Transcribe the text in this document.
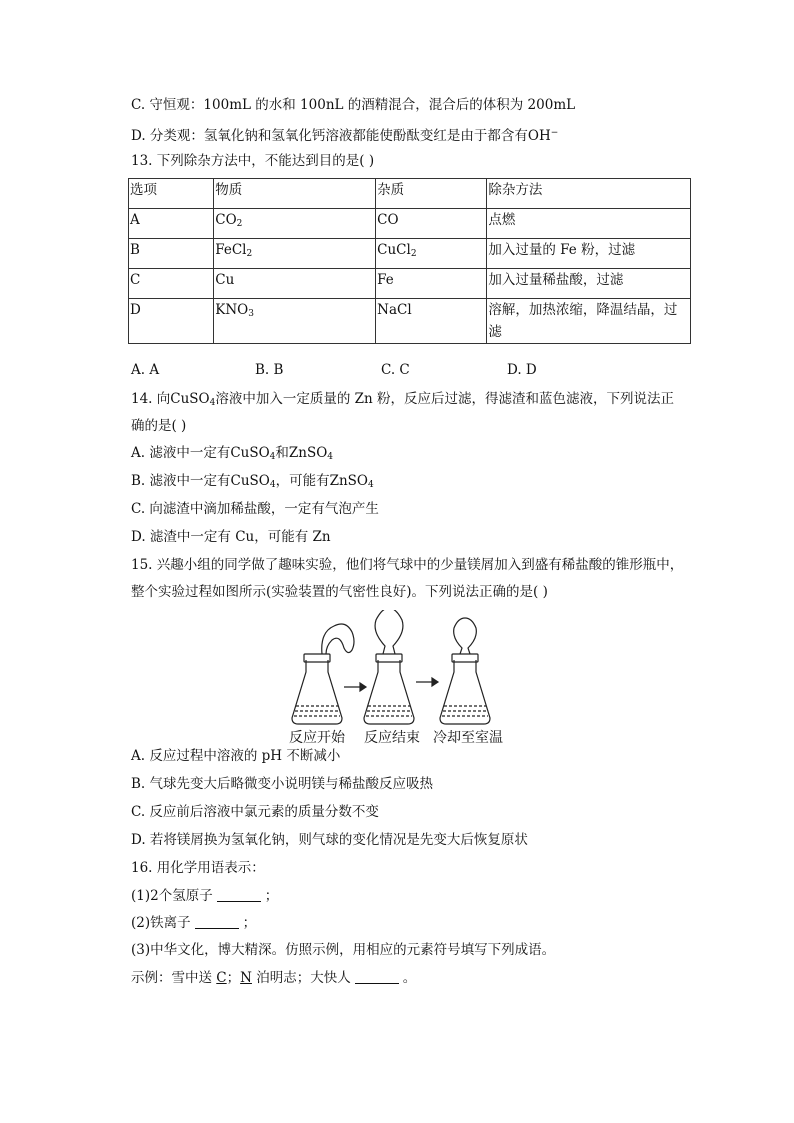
C. 守恒观：100mL 的水和 100nL 的酒精混合，混合后的体积为 200mL
D. 分类观：氢氧化钠和氢氧化钙溶液都能使酚酞变红是由于都含有OH−
13. 下列除杂方法中，不能达到目的是( )
选项	物质	杂质	除杂方法
A	$CO_2$	CO	点燃
B	FeCl$_2$	CuCl$_2$	加入过量的 Fe 粉，过滤
C	Cu	Fe	加入过量稀盐酸，过滤
D	$KNO_3$	NaCl	溶解，加热浓缩，降温结晶，过滤
A. A	B. B	C. C	D. D
14. 向CuSO$_4$溶液中加入一定质量的 Zn 粉，反应后过滤，得滤渣和蓝色滤液，下列说法正
确的是( )
A. 滤液中一定有CuSO$_4$和ZnSO$_4$
B. 滤液中一定有CuSO$_4$，可能有ZnSO$_4$
C. 向滤渣中滴加稀盐酸，一定有气泡产生
D. 滤渣中一定有 Cu，可能有 Zn
15. 兴趣小组的同学做了趣味实验，他们将气球中的少量镁屑加入到盛有稀盐酸的锥形瓶中，
整个实验过程如图所示(实验装置的气密性良好)。下列说法正确的是( )
反应开始 反应结束 冷却至室温
A. 反应过程中溶液的 pH 不断减小
B. 气球先变大后略微变小说明镁与稀盐酸反应吸热
C. 反应前后溶液中氯元素的质量分数不变
D. 若将镁屑换为氢氧化钠，则气球的变化情况是先变大后恢复原状
16. 用化学用语表示：
(1)2个氢原子	；
(2)铁离子	；
(3)中华文化，博大精深。仿照示例，用相应的元素符号填写下列成语。
示例：雪中送 C；N 泊明志；大快人	。
